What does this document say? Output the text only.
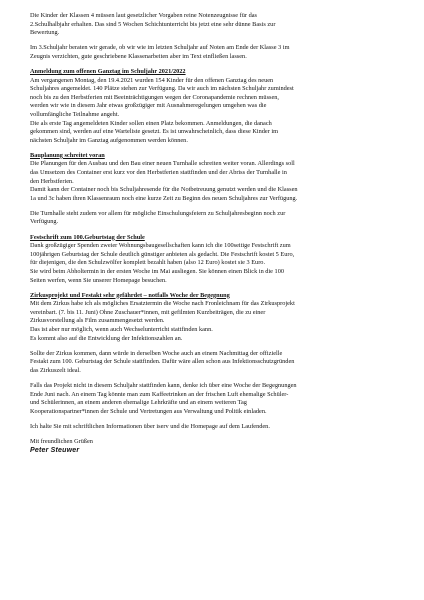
Die Kinder der Klassen 4 müssen laut gesetzlicher Vorgaben reine Notenzeugnisse für das

2.Schulhalbjahr erhalten. Das sind 5 Wochen Schichtunterricht bis jetzt eine sehr dünne Basis zur

Bewertung.

Im 3.Schuljahr beraten wir gerade, ob wir wie im letzten Schuljahr auf Noten am Ende der Klasse 3 im

Zeugnis verzichten, gute geschriebene Klassenarbeiten aber im Text einfließen lassen.

Anmeldung zum offenen Ganztag im Schuljahr 2021/2022

Am vergangenen Montag, den 19.4.2021 wurden 154 Kinder für den offenen Ganztag des neuen

Schuljahres angemeldet. 140 Plätze stehen zur Verfügung. Da wir auch im nächsten Schuljahr zumindest

noch bis zu den Herbstferien mit Beeinträchtigungen wegen der Coronapandemie rechnen müssen,

werden wir wie in diesem Jahr etwas großzügiger mit Ausnahmeregelungen umgehen was die

vollumfängliche Teilnahme angeht.

Die als erste Tag angemeldeten Kinder sollen einen Platz bekommen. Anmeldungen, die danach

gekommen sind, werden auf eine Warteliste gesetzt. Es ist unwahrscheinlich, dass diese Kinder im

nächsten Schuljahr im Ganztag aufgenommen werden können.

Bauplanung schreitet voran

Die Planungen für den Ausbau und den Bau einer neuen Turnhalle schreiten weiter voran. Allerdings soll

das Umsetzen des Container erst kurz vor den Herbstferien stattfinden und der Abriss der Turnhalle in

den Herbstferien.

Damit kann der Container noch bis Schuljahresende für die Notbetreuung genutzt werden und die Klassen

1a und 3c haben ihren Klassenraum noch eine kurze Zeit zu Beginn des neuen Schuljahres zur Verfügung.

Die Turnhalle steht zudem vor allem für mögliche Einschulungsfeiern zu Schuljahresbeginn noch zur

Verfügung.

Festschrift zum 100.Geburtstag der Schule

Dank großzügiger Spenden zweier Wohnungsbaugesellschaften kann ich die 100seitige Festschrift zum

100jährigen Geburtstag der Schule deutlich günstiger anbieten als gedacht. Die Festschrift kostet 5 Euro,

für diejenigen, die den Schulzwölfer komplett bezahlt haben (also 12 Euro) kostet sie 3 Euro.

Sie wird beim Abholtermin in der ersten Woche im Mai ausliegen. Sie können einen Blick in die 100

Seiten werfen, wenn Sie unserer Homepage besuchen.

Zirkusprojekt und Festakt sehr gefährdet – notfalls Woche der Begegnung

Mit dem Zirkus habe ich als mögliches Ersatztermin die Woche nach Fronleichnam für das Zirkusprojekt

vereinbart. (7. bis 11. Juni) Ohne Zuschauer*innen, mit gefilmten Kurzbeiträgen, die zu einer

Zirkusvorstellung als Film zusammengesetzt werden.

Das ist aber nur möglich, wenn auch Wechselunterricht stattfinden kann.

Es kommt also auf die Entwicklung der Infektionszahlen an.

Sollte der Zirkus kommen, dann würde in derselben Woche auch an einem Nachmittag der offizielle

Festakt zum 100. Geburtstag der Schule stattfinden. Dafür wäre allen schon aus Infektionsschutzgründen

das Zirkuszelt ideal.

Falls das Projekt nicht in diesem Schuljahr stattfinden kann, denke ich über eine Woche der Begegnungen

Ende Juni nach. An einem Tag könnte man zum Kaffeetrinken an der frischen Luft ehemalige Schüler-

und Schülerinnen, an einem anderen ehemalige Lehrkräfte und an einem weiteren Tag

Kooperationspartner*innen der Schule und Vertretungen aus Verwaltung und Politik einladen.

Ich halte Sie mit schriftlichen Informationen über iserv und die Homepage auf dem Laufenden.

Mit freundlichen Grüßen

Peter Steuwer
